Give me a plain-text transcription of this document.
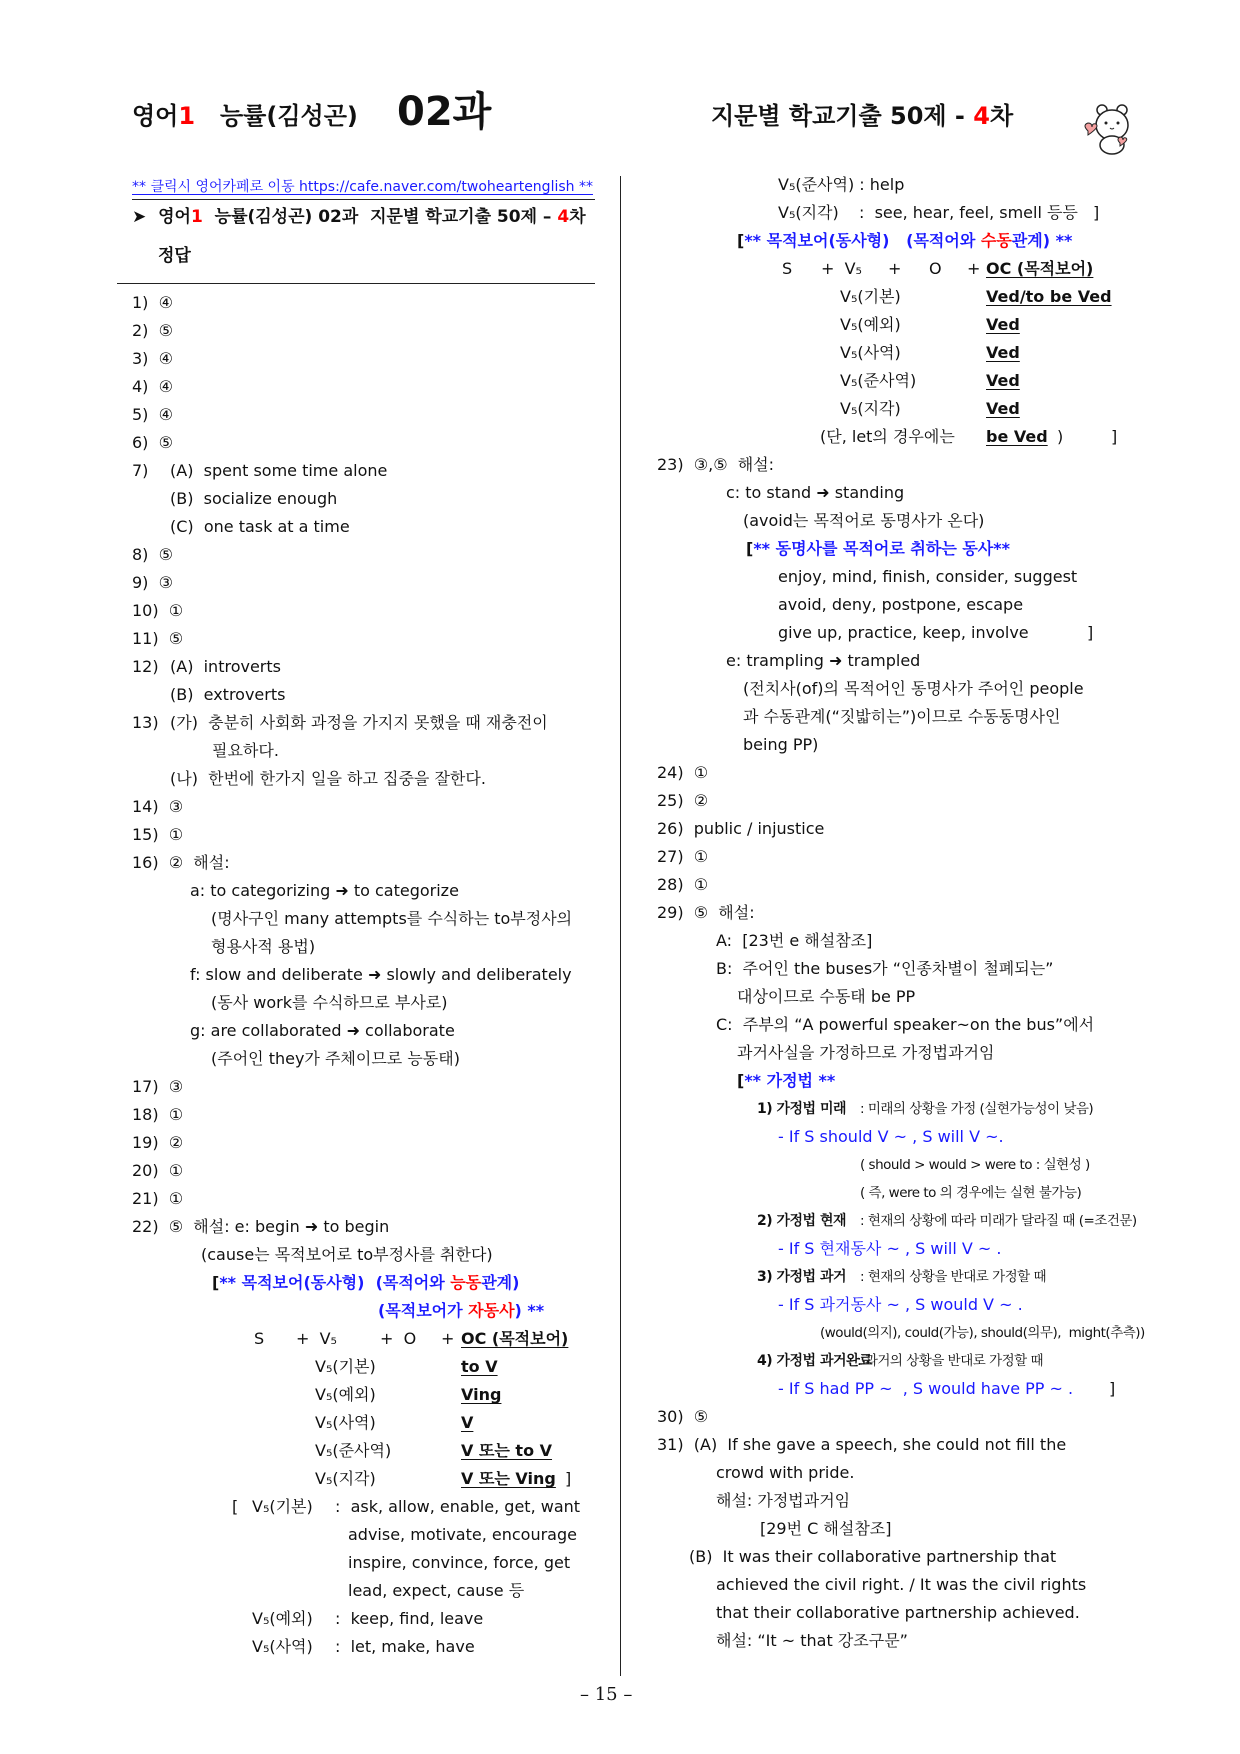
영어1 능률(김성곤) 02과	지문별 학교기출 50제 - 4차

** 클릭시 영어카페로 이동 https://cafe.naver.com/twoheartenglish **
➤ 영어1 능률(김성곤) 02과  지문별 학교기출 50제 – 4차
정답
– 15 –
1)  ④
2)  ⑤
3)  ④
4)  ④
5)  ④
6)  ⑤
7) (A)  spent some time alone
(B)  socialize enough
(C)  one task at a time
8)  ⑤
9)  ③
10)  ①
11)  ⑤
12) (A)  introverts
(B)  extroverts
13) (가)  충분히 사회화 과정을 가지지 못했을 때 재충전이
필요하다.
(나)  한번에 한가지 일을 하고 집중을 잘한다.
14)  ③
15)  ①
16)  ②  해설:
a: to categorizing ➜ to categorize
(명사구인 many attempts를 수식하는 to부정사의
형용사적 용법)
f: slow and deliberate ➜ slowly and deliberately
(동사 work를 수식하므로 부사로)
g: are collaborated ➜ collaborate
(주어인 they가 주체이므로 능동태)
17)  ③
18)  ①
19)  ②
20)  ①
21)  ①
22)  ⑤  해설: e: begin ➜ to begin
(cause는 목적보어로 to부정사를 취한다)
[** 목적보어(동사형)  (목적어와 능동관계)
(목적보어가 자동사) **
S +  V₅	+  O + OC (목적보어)
V₅(기본)	to V
V₅(예외)	Ving
V₅(사역)	V
V₅(준사역)	V 또는 to V
V₅(지각)	V 또는 Ving ]
[ V₅(기본) :  ask, allow, enable, get, want
advise, motivate, encourage
inspire, convince, force, get
lead, expect, cause 등
V₅(예외) :  keep, find, leave
V₅(사역) :  let, make, have
V₅(준사역) : help
V₅(지각) :  see, hear, feel, smell 등등 ]
[** 목적보어(동사형)   (목적어와 수동관계) **
S +  V₅ + O + OC (목적보어)
V₅(기본)	Ved/to be Ved
V₅(예외)	Ved
V₅(사역)	Ved
V₅(준사역)	Ved
V₅(지각)	Ved
(단, let의 경우에는 be Ved )	]
23)  ③,⑤  해설:
c: to stand ➜ standing
(avoid는 목적어로 동명사가 온다)
[** 동명사를 목적어로 취하는 동사**
enjoy, mind, finish, consider, suggest
avoid, deny, postpone, escape
give up, practice, keep, involve	]
e: trampling ➜ trampled
(전치사(of)의 목적어인 동명사가 주어인 people
과 수동관계(“짓밟히는”)이므로 수동동명사인
being PP)
24)  ①
25)  ②
26)  public / injustice
27)  ①
28)  ①
29)  ⑤  해설:
A:  [23번 e 해설참조]
B:  주어인 the buses가 “인종차별이 철폐되는”
대상이므로 수동태 be PP
C:  주부의 “A powerful speaker~on the bus”에서
과거사실을 가정하므로 가정법과거임
[** 가정법 **
1) 가정법 미래 : 미래의 상황을 가정 (실현가능성이 낮음)
- If S should V ~ , S will V ~.
( should > would > were to : 실현성 )
( 즉, were to 의 경우에는 실현 불가능)
2) 가정법 현재 : 현재의 상황에 따라 미래가 달라질 때 (=조건문)
- If S 현재동사 ~ , S will V ~ .
3) 가정법 과거 : 현재의 상황을 반대로 가정할 때
- If S 과거동사 ~ , S would V ~ .
(would(의지), could(가능), should(의무),  might(추측))
4) 가정법 과거완료
: 과거의 상황을 반대로 가정할 때
- If S had PP ~  , S would have PP ~ . ]
30)  ⑤
31)  (A)  If she gave a speech, she could not fill the
crowd with pride.
해설: 가정법과거임
[29번 C 해설참조]
(B)  It was their collaborative partnership that
achieved the civil right. / It was the civil rights
that their collaborative partnership achieved.
해설: “It ~ that 강조구문”
